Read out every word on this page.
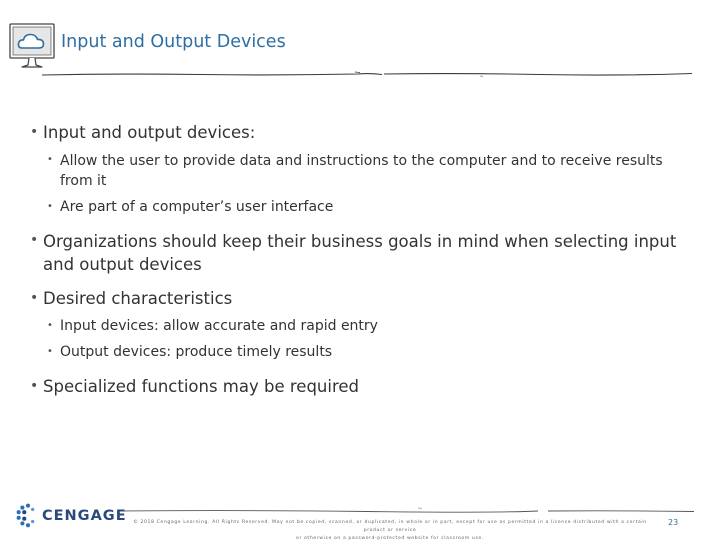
Input and Output Devices
• Input and output devices:
• Allow the user to provide data and instructions to the computer and to receive results
from it
• Are part of a computer’s user interface
• Organizations should keep their business goals in mind when selecting input
and output devices
• Desired characteristics
• Input devices: allow accurate and rapid entry
• Output devices: produce timely results
• Specialized functions may be required
CENGAGE	© 2018 Cengage Learning. All Rights Reserved. May not be copied, scanned, or duplicated, in whole or in part, except for use as permitted in a license distributed with a certain product or service
or otherwise on a password-protected website for classroom use.
23
